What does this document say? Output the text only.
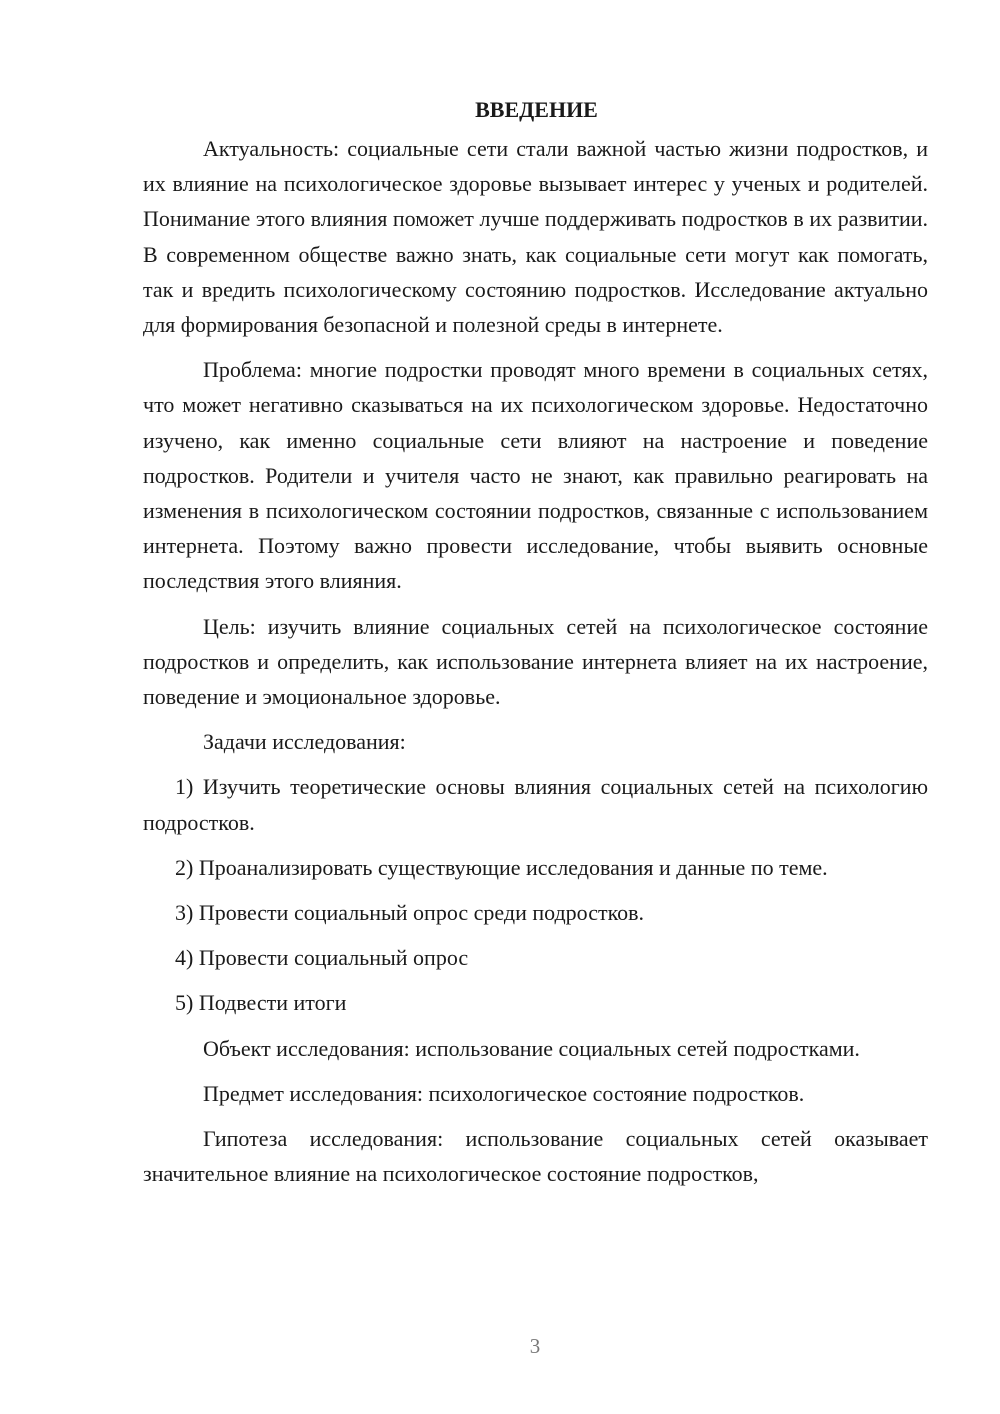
ВВЕДЕНИЕ

Актуальность: социальные сети стали важной частью жизни подростков, и их влияние на психологическое здоровье вызывает интерес у ученых и родителей. Понимание этого влияния поможет лучше поддерживать подростков в их развитии. В современном обществе важно знать, как социальные сети могут как помогать, так и вредить психологическому состоянию подростков. Исследование актуально для формирования безопасной и полезной среды в интернете.

Проблема: многие подростки проводят много времени в социальных сетях, что может негативно сказываться на их психологическом здоровье. Недостаточно изучено, как именно социальные сети влияют на настроение и поведение подростков. Родители и учителя часто не знают, как правильно реагировать на изменения в психологическом состоянии подростков, связанные с использованием интернета. Поэтому важно провести исследование, чтобы выявить основные последствия этого влияния.

Цель: изучить влияние социальных сетей на психологическое состояние подростков и определить, как использование интернета влияет на их настроение, поведение и эмоциональное здоровье.

Задачи исследования:

1) Изучить теоретические основы влияния социальных сетей на психологию подростков.

2) Проанализировать существующие исследования и данные по теме.

3) Провести социальный опрос среди подростков.

4) Провести социальный опрос

5) Подвести итоги

Объект исследования: использование социальных сетей подростками.

Предмет исследования: психологическое состояние подростков.

Гипотеза исследования: использование социальных сетей оказывает значительное влияние на психологическое состояние подростков,

3
